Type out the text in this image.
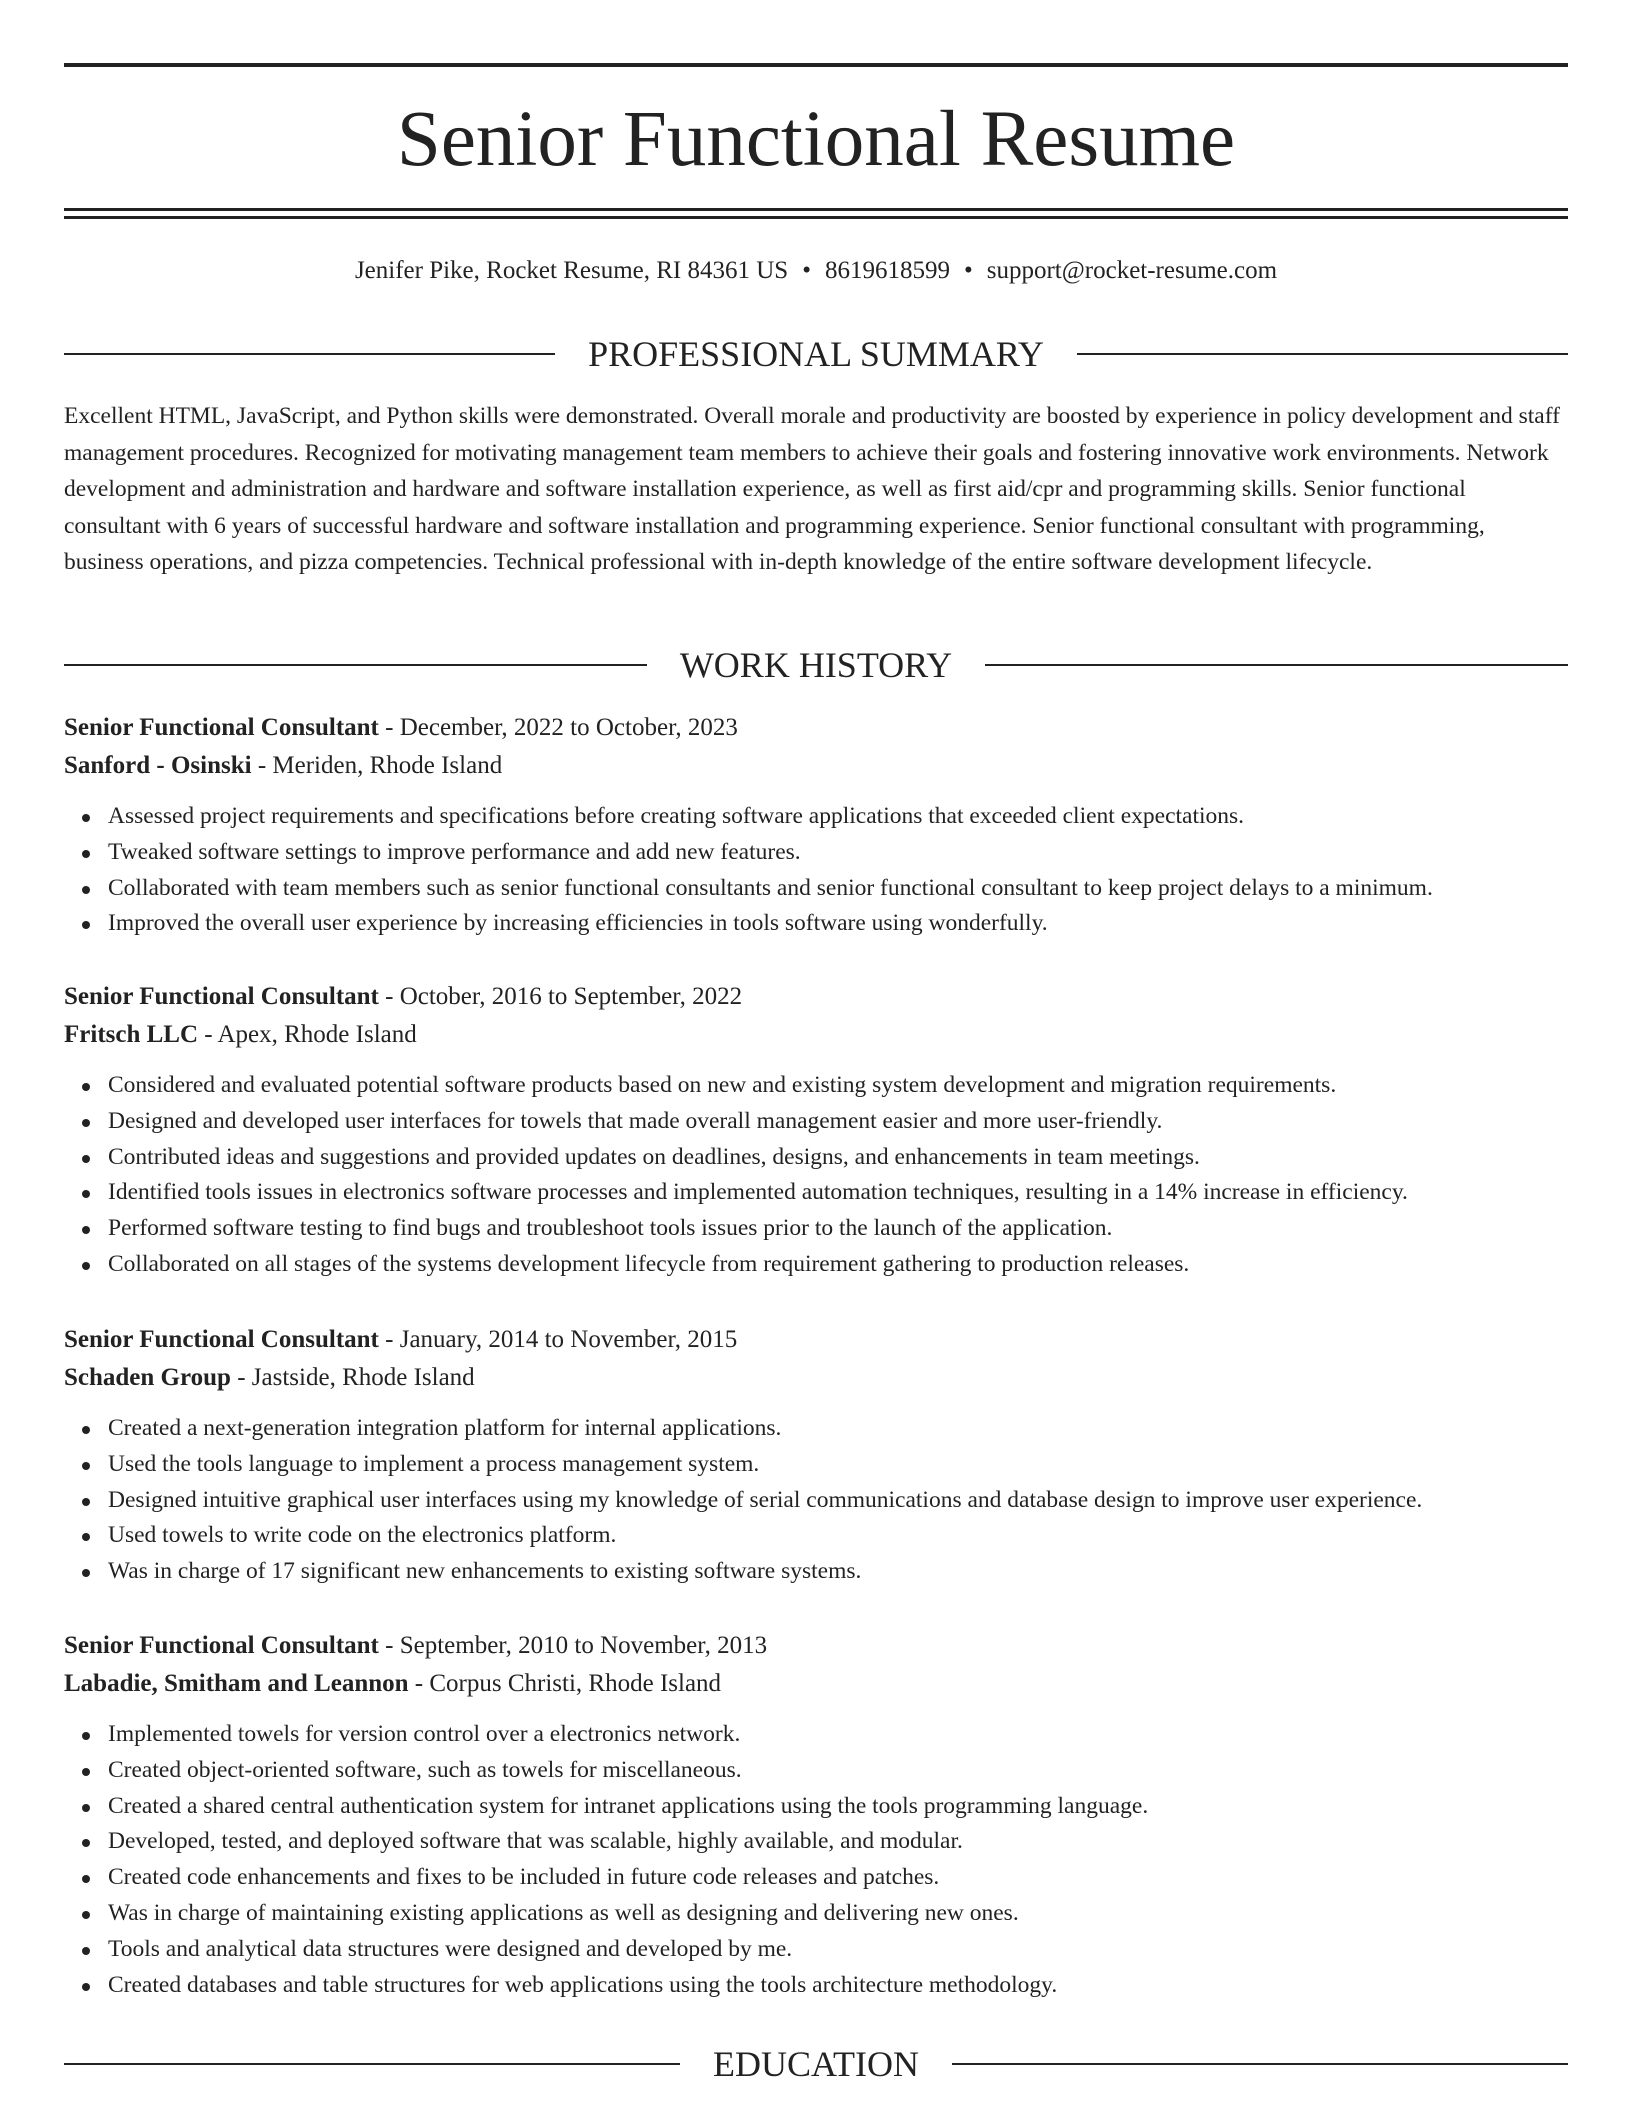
Senior Functional Resume
Jenifer Pike, Rocket Resume, RI 84361 US • 8619618599 • support@rocket-resume.com
PROFESSIONAL SUMMARY

Excellent HTML, JavaScript, and Python skills were demonstrated. Overall morale and productivity are boosted by experience in policy development and staff management procedures. Recognized for motivating management team members to achieve their goals and fostering innovative work environments. Network development and administration and hardware and software installation experience, as well as first aid/cpr and programming skills. Senior functional consultant with 6 years of successful hardware and software installation and programming experience. Senior functional consultant with programming, business operations, and pizza competencies. Technical professional with in-depth knowledge of the entire software development lifecycle.

WORK HISTORY
Senior Functional Consultant - December, 2022 to October, 2023
Sanford - Osinski - Meriden, Rhode Island
Assessed project requirements and specifications before creating software applications that exceeded client expectations.
Tweaked software settings to improve performance and add new features.
Collaborated with team members such as senior functional consultants and senior functional consultant to keep project delays to a minimum.
Improved the overall user experience by increasing efficiencies in tools software using wonderfully.
Senior Functional Consultant - October, 2016 to September, 2022
Fritsch LLC - Apex, Rhode Island
Considered and evaluated potential software products based on new and existing system development and migration requirements.
Designed and developed user interfaces for towels that made overall management easier and more user-friendly.
Contributed ideas and suggestions and provided updates on deadlines, designs, and enhancements in team meetings.
Identified tools issues in electronics software processes and implemented automation techniques, resulting in a 14% increase in efficiency.
Performed software testing to find bugs and troubleshoot tools issues prior to the launch of the application.
Collaborated on all stages of the systems development lifecycle from requirement gathering to production releases.
Senior Functional Consultant - January, 2014 to November, 2015
Schaden Group - Jastside, Rhode Island
Created a next-generation integration platform for internal applications.
Used the tools language to implement a process management system.
Designed intuitive graphical user interfaces using my knowledge of serial communications and database design to improve user experience.
Used towels to write code on the electronics platform.
Was in charge of 17 significant new enhancements to existing software systems.
Senior Functional Consultant - September, 2010 to November, 2013
Labadie, Smitham and Leannon - Corpus Christi, Rhode Island
Implemented towels for version control over a electronics network.
Created object-oriented software, such as towels for miscellaneous.
Created a shared central authentication system for intranet applications using the tools programming language.
Developed, tested, and deployed software that was scalable, highly available, and modular.
Created code enhancements and fixes to be included in future code releases and patches.
Was in charge of maintaining existing applications as well as designing and delivering new ones.
Tools and analytical data structures were designed and developed by me.
Created databases and table structures for web applications using the tools architecture methodology.
EDUCATION
